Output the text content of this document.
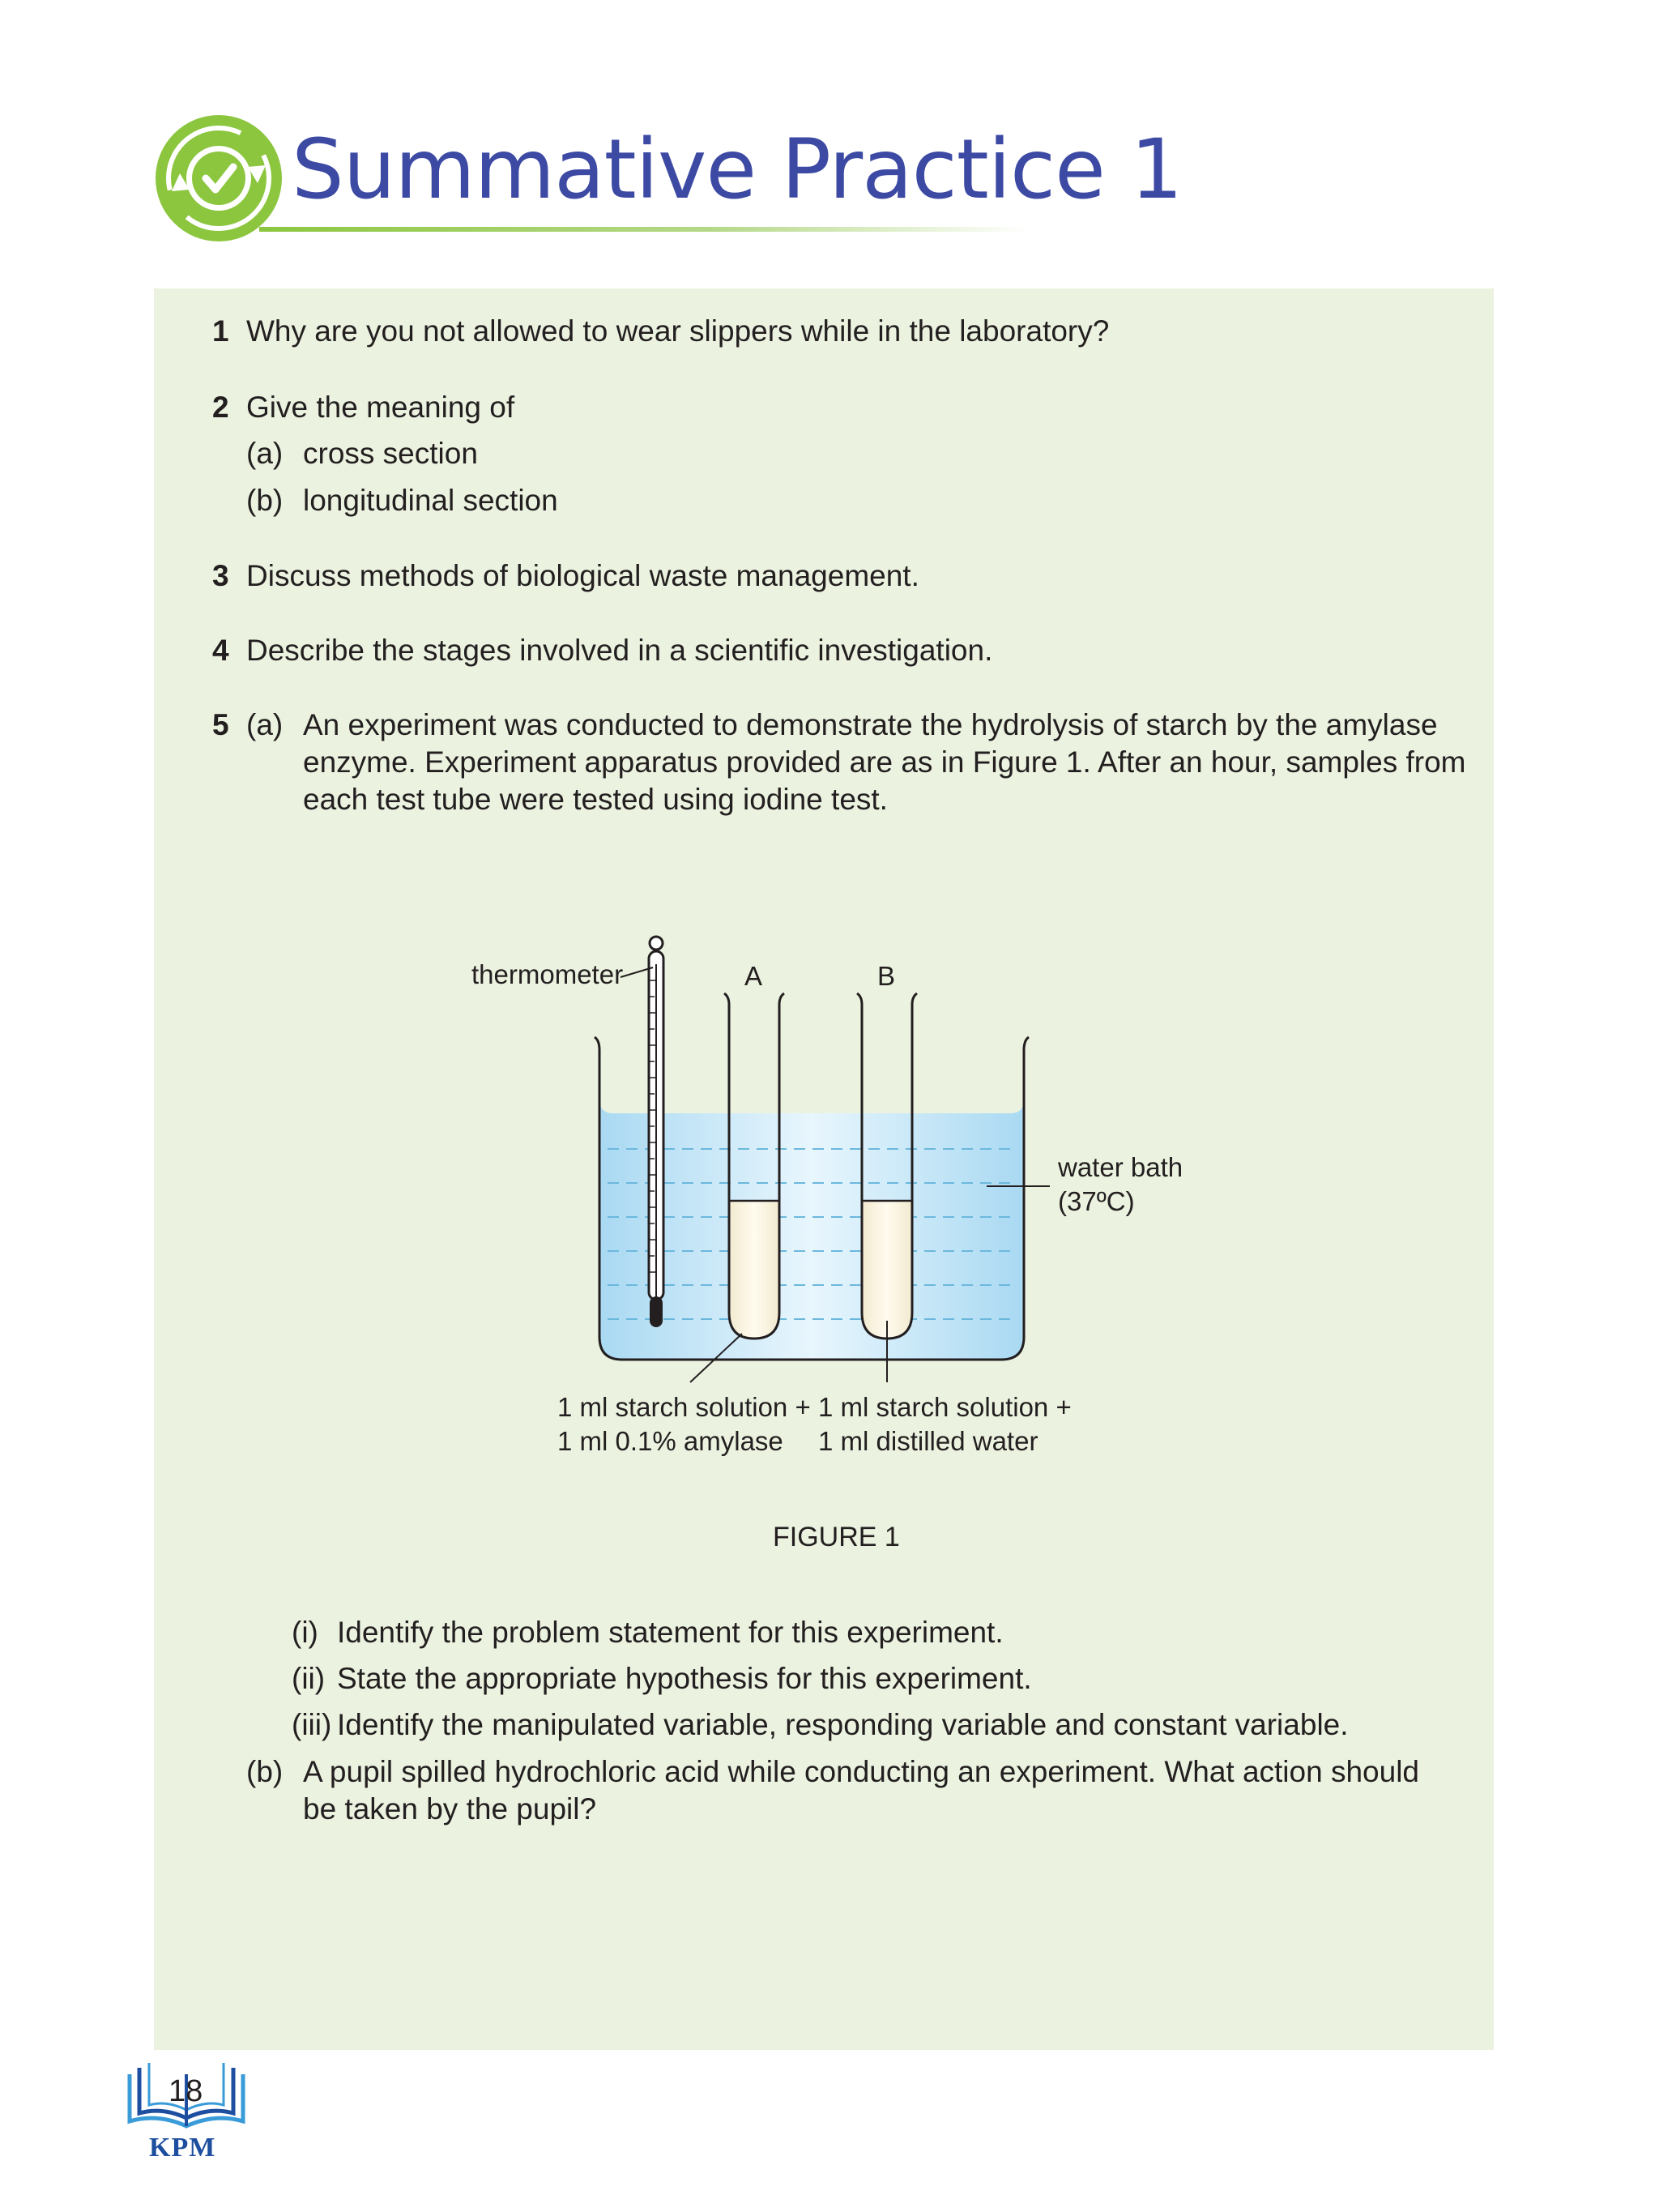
Summative Practice 1
1 Why are you not allowed to wear slippers while in the laboratory?
2 Give the meaning of
(a) cross section
(b) longitudinal section
3 Discuss methods of biological waste management.
4 Describe the stages involved in a scientific investigation.
5 (a) An experiment was conducted to demonstrate the hydrolysis of starch by the amylase
enzyme. Experiment apparatus provided are as in Figure 1. After an hour, samples from
each test tube were tested using iodine test.
(i) Identify the problem statement for this experiment.
(ii) State the appropriate hypothesis for this experiment.
(iii) Identify the manipulated variable, responding variable and constant variable.
(b) A pupil spilled hydrochloric acid while conducting an experiment. What action should
be taken by the pupil?
thermometer	A	B
water bath
(37ºC)
1 ml starch solution +
1 ml 0.1% amylase
1 ml starch solution +
1 ml distilled water
FIGURE 1
18
KPM
